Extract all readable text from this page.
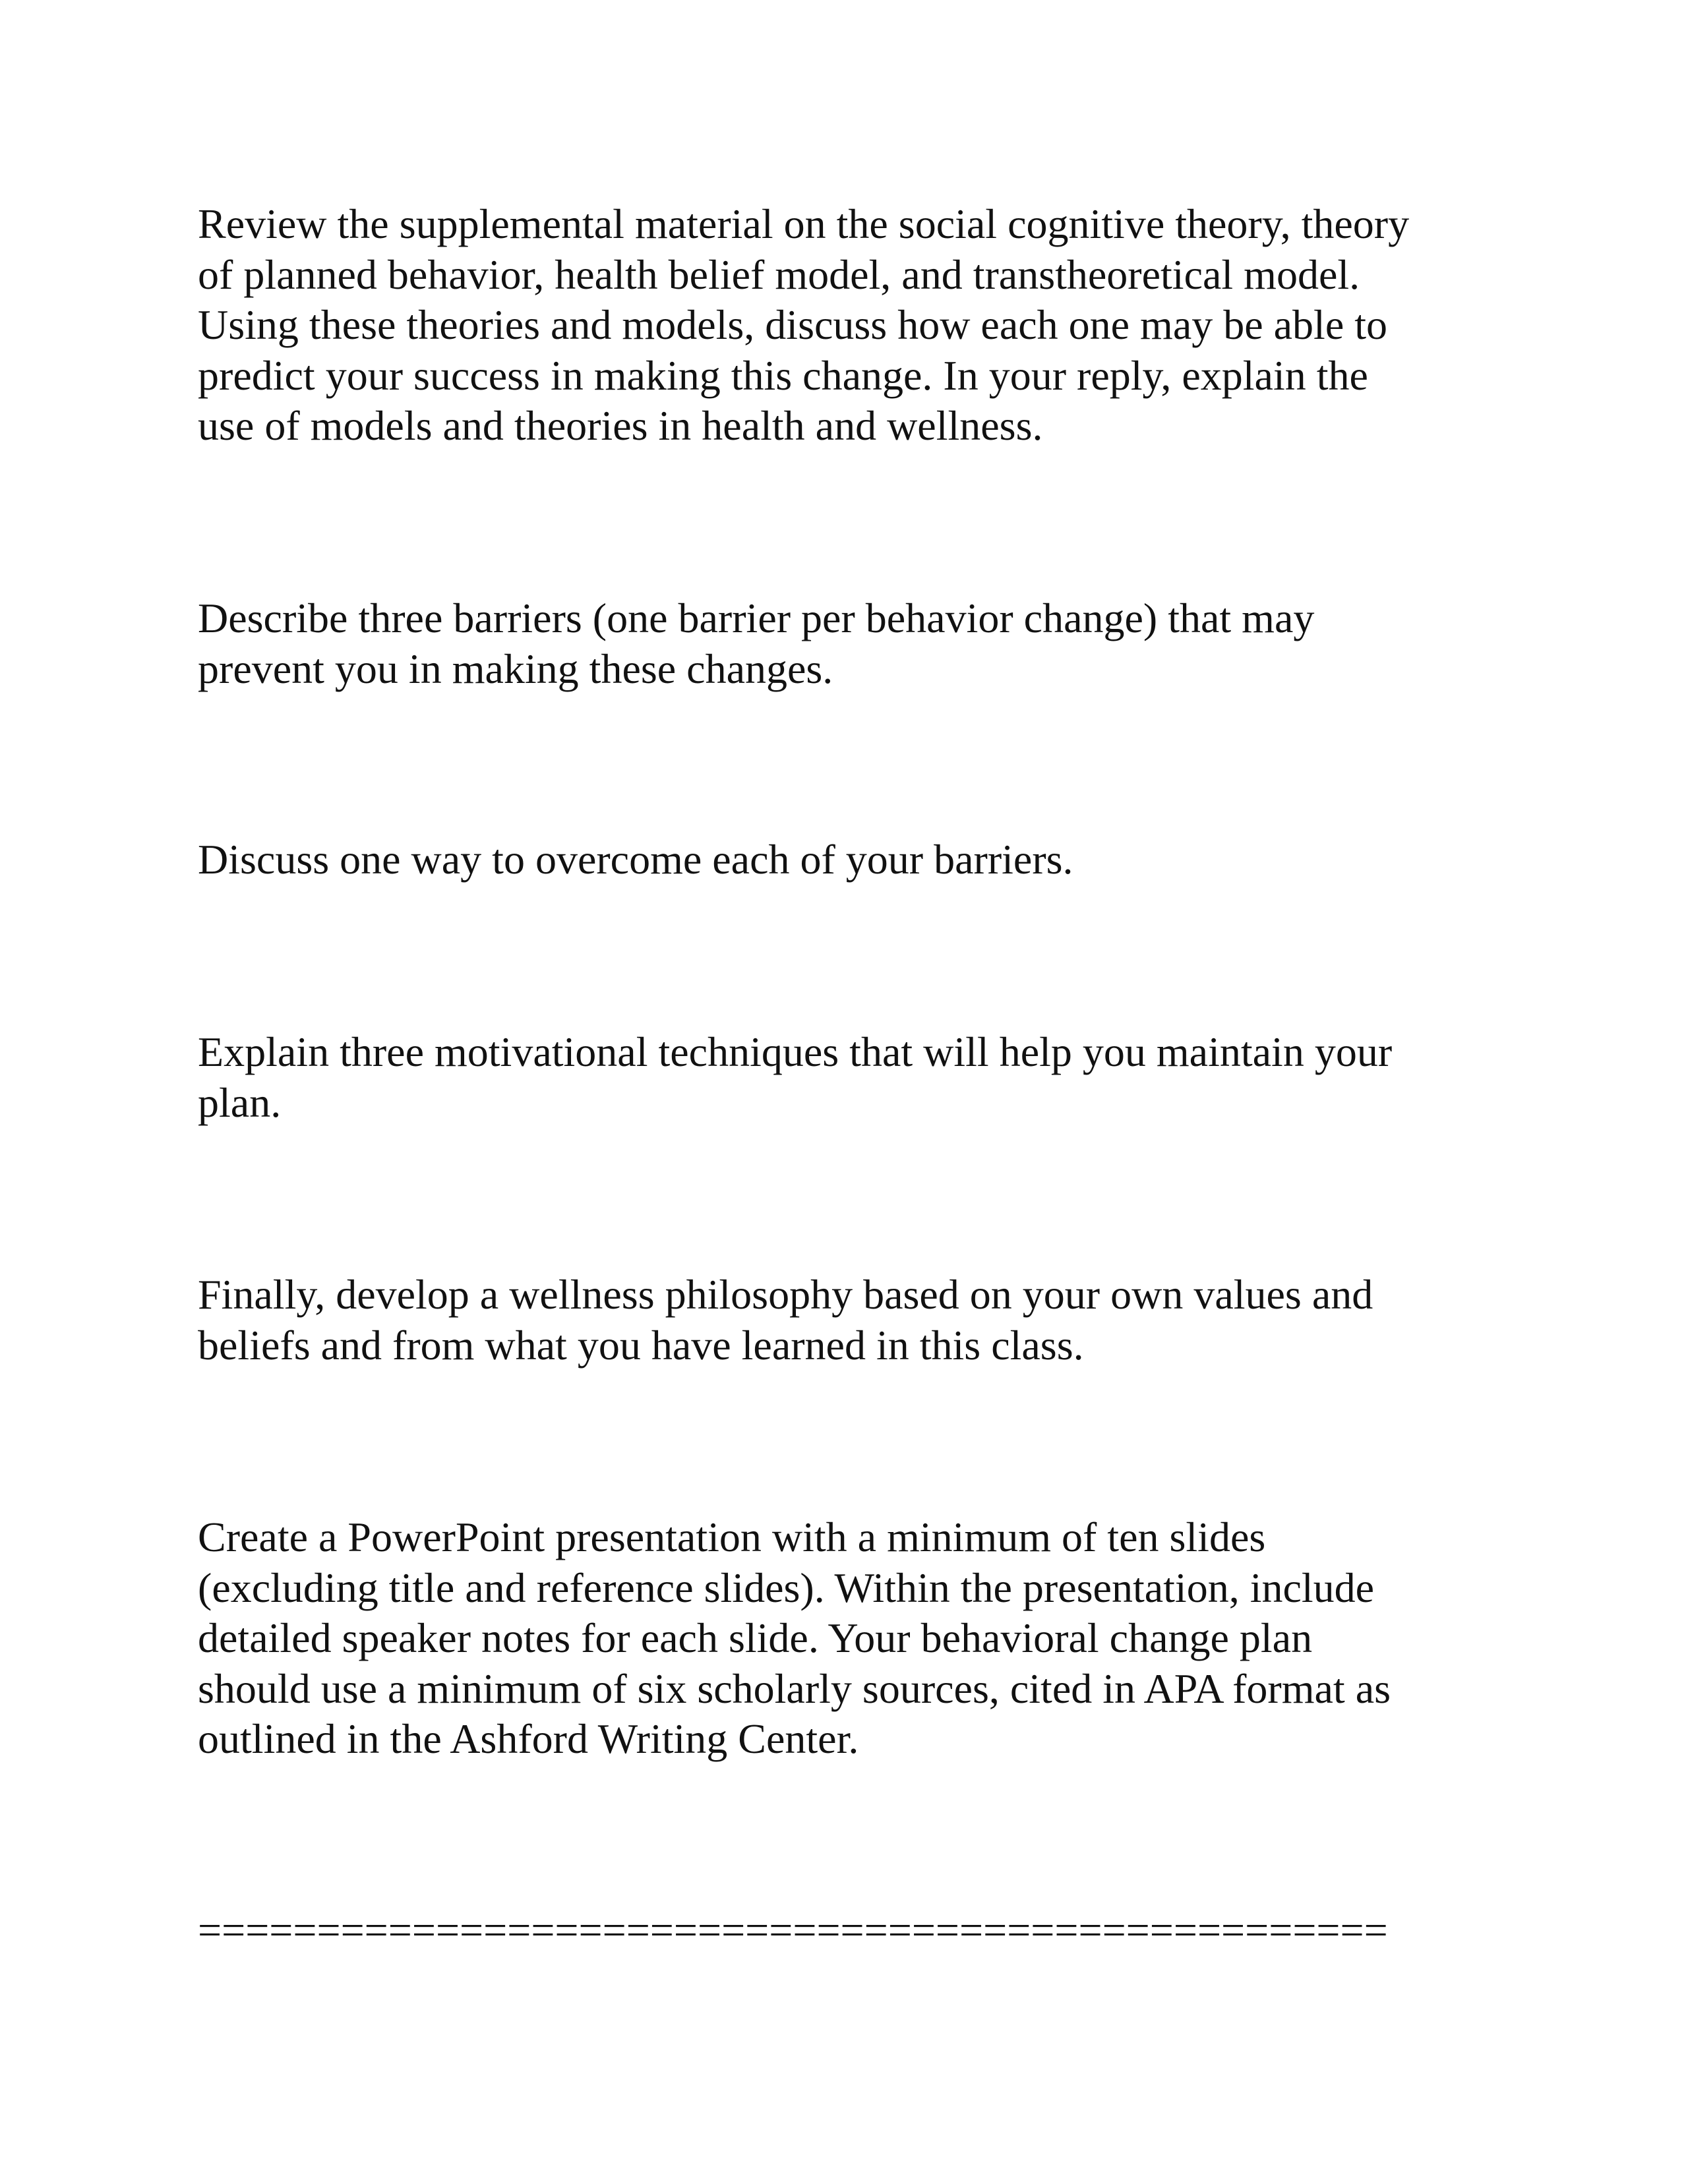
Review the supplemental material on the social cognitive theory, theory
of planned behavior, health belief model, and transtheoretical model.
Using these theories and models, discuss how each one may be able to
predict your success in making this change. In your reply, explain the
use of models and theories in health and wellness.

Describe three barriers (one barrier per behavior change) that may
prevent you in making these changes.

Discuss one way to overcome each of your barriers.

Explain three motivational techniques that will help you maintain your
plan.

Finally, develop a wellness philosophy based on your own values and
beliefs and from what you have learned in this class.

Create a PowerPoint presentation with a minimum of ten slides
(excluding title and reference slides). Within the presentation, include
detailed speaker notes for each slide. Your behavioral change plan
should use a minimum of six scholarly sources, cited in APA format as
outlined in the Ashford Writing Center.

==================================================
